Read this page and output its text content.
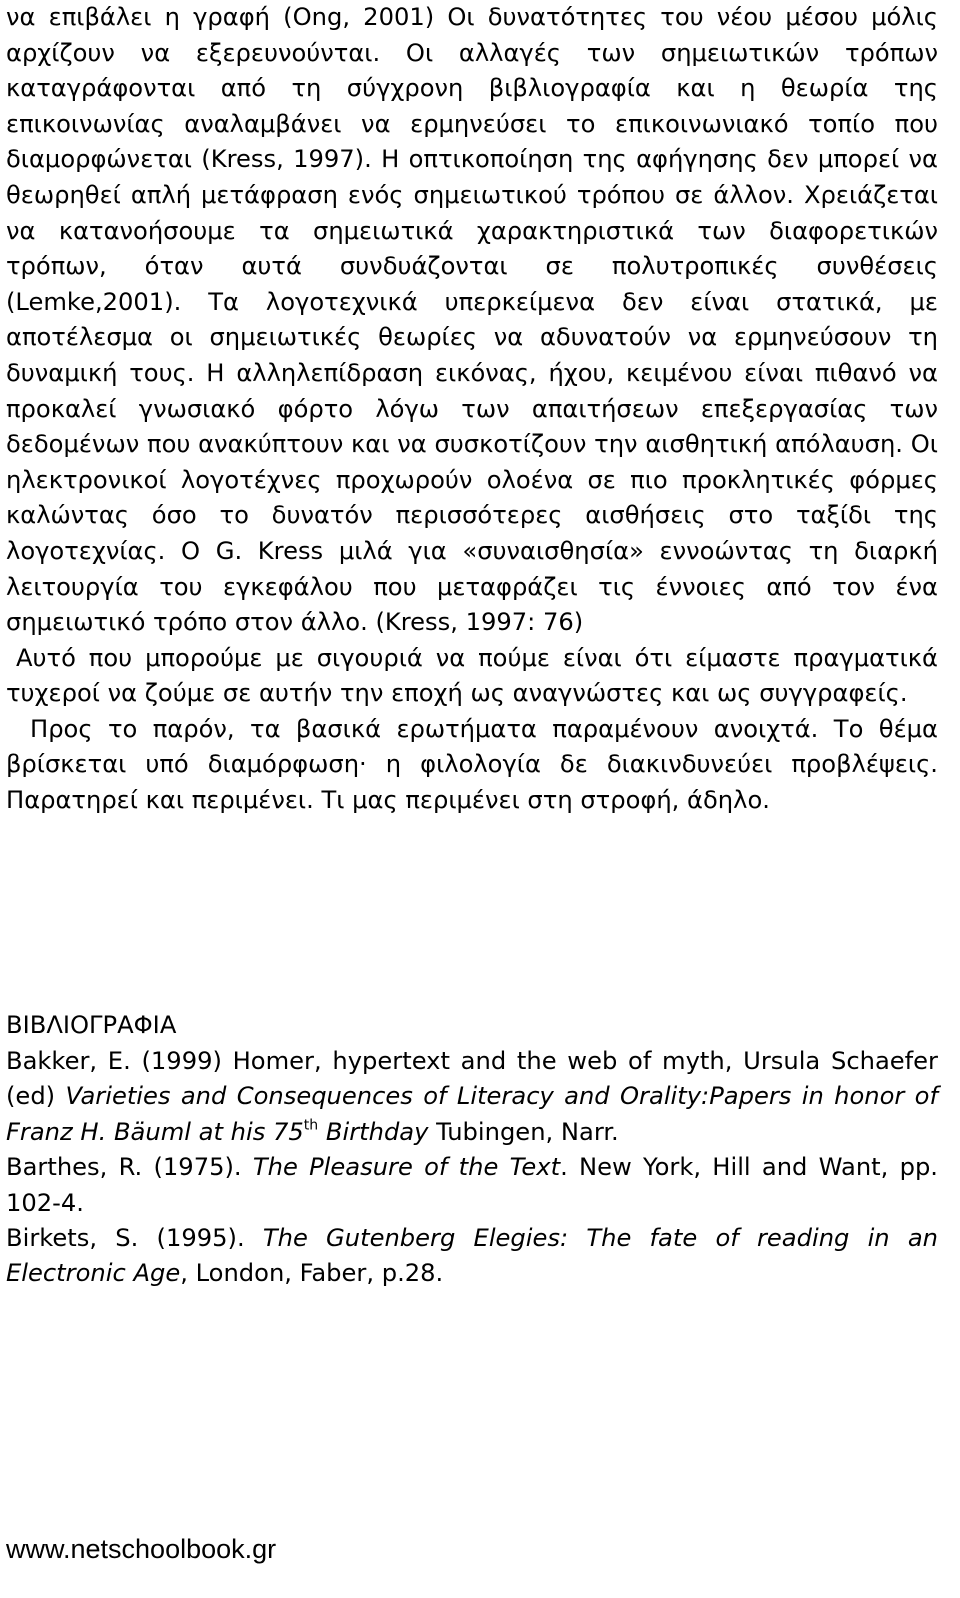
να επιβάλει η γραφή (Ong, 2001) Οι δυνατότητες του νέου μέσου μόλις αρχίζουν να εξερευνούνται. Οι αλλαγές των σημειωτικών τρόπων καταγράφονται από τη σύγχρονη βιβλιογραφία και η θεωρία της επικοινωνίας αναλαμβάνει να ερμηνεύσει το επικοινωνιακό τοπίο που διαμορφώνεται (Kress, 1997). Η οπτικοποίηση της αφήγησης δεν μπορεί να θεωρηθεί απλή μετάφραση ενός σημειωτικού τρόπου σε άλλον. Χρειάζεται να κατανοήσουμε τα σημειωτικά χαρακτηριστικά των διαφορετικών τρόπων, όταν αυτά συνδυάζονται σε πολυτροπικές συνθέσεις (Lemke,2001). Τα λογοτεχνικά υπερκείμενα δεν είναι στατικά, με αποτέλεσμα οι σημειωτικές θεωρίες να αδυνατούν να ερμηνεύσουν τη δυναμική τους. Η αλληλεπίδραση εικόνας, ήχου, κειμένου είναι πιθανό να προκαλεί γνωσιακό φόρτο λόγω των απαιτήσεων επεξεργασίας των δεδομένων που ανακύπτουν και να συσκοτίζουν την αισθητική απόλαυση. Οι ηλεκτρονικοί λογοτέχνες προχωρούν ολοένα σε πιο προκλητικές φόρμες καλώντας όσο το δυνατόν περισσότερες αισθήσεις στο ταξίδι της λογοτεχνίας. Ο G. Kress μιλά για «συναισθησία» εννοώντας τη διαρκή λειτουργία του εγκεφάλου που μεταφράζει τις έννοιες από τον ένα σημειωτικό τρόπο στον άλλο. (Kress, 1997: 76)

Αυτό που μπορούμε με σιγουριά να πούμε είναι ότι είμαστε πραγματικά τυχεροί να ζούμε σε αυτήν την εποχή ως αναγνώστες και ως συγγραφείς.

Προς το παρόν, τα βασικά ερωτήματα παραμένουν ανοιχτά. Το θέμα βρίσκεται υπό διαμόρφωση· η φιλολογία δε διακινδυνεύει προβλέψεις. Παρατηρεί και περιμένει. Τι μας περιμένει στη στροφή, άδηλο.

ΒΙΒΛΙΟΓΡΑΦΙΑ
Bakker, E. (1999) Homer, hypertext and the web of myth, Ursula Schaefer (ed) Varieties and Consequences of Literacy and Orality:Papers in honor of Franz H. Bäuml at his 75th Birthday Tubingen, Narr.
Barthes, R. (1975). The Pleasure of the Text. New York, Hill and Want, pp. 102-4.
Birkets, S. (1995). The Gutenberg Elegies: The fate of reading in an Electronic Age, London, Faber, p.28.
www.netschoolbook.gr
